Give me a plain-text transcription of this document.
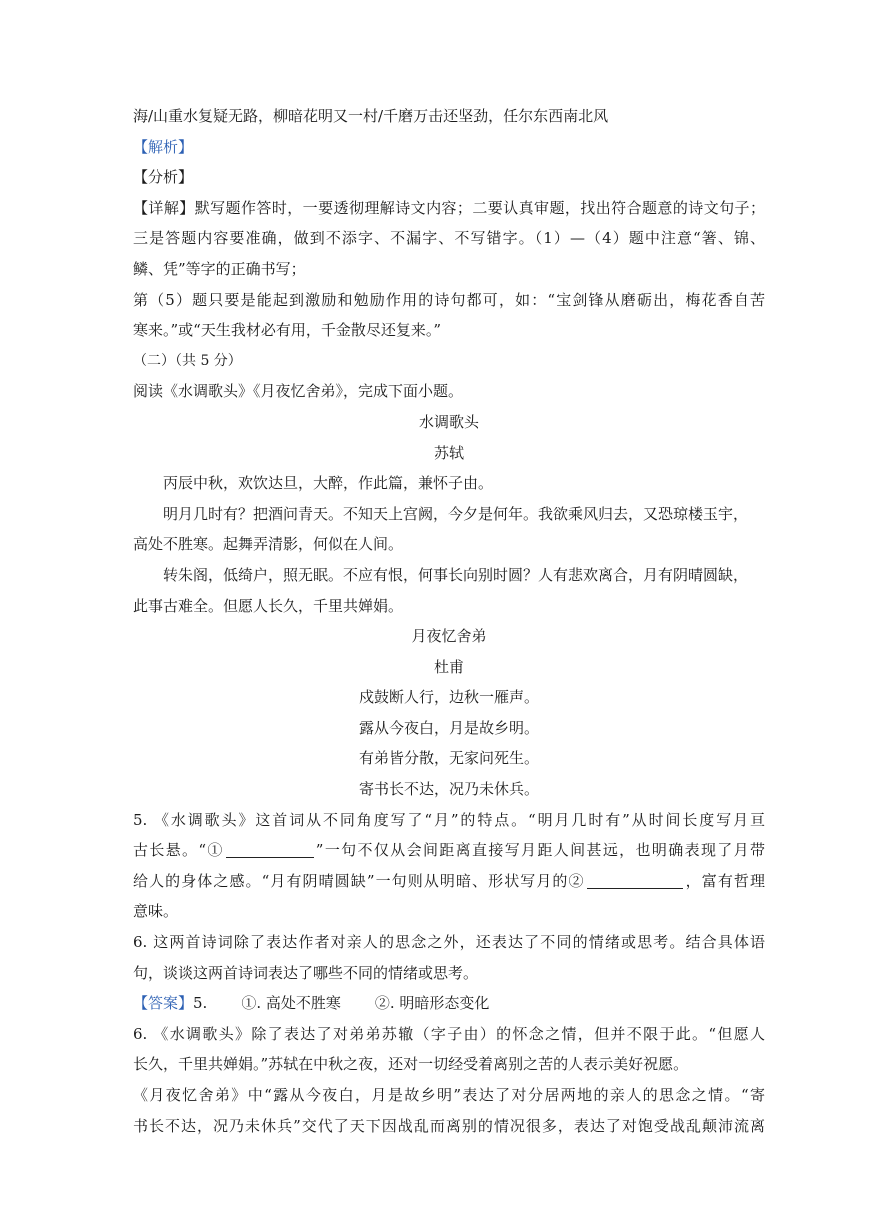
海/山重水复疑无路，柳暗花明又一村/千磨万击还坚劲，任尔东西南北风

【解析】

【分析】

【详解】默写题作答时，一要透彻理解诗文内容；二要认真审题，找出符合题意的诗文句子；

三是答题内容要准确，做到不添字、不漏字、不写错字。（1）—（4）题中注意“箸、锦、

鳞、凭”等字的正确书写；

第（5）题只要是能起到激励和勉励作用的诗句都可，如：“宝剑锋从磨砺出，梅花香自苦

寒来。”或“天生我材必有用，千金散尽还复来。”

（二）（共 5 分）

阅读《水调歌头》《月夜忆舍弟》，完成下面小题。

水调歌头

苏轼

丙辰中秋，欢饮达旦，大醉，作此篇，兼怀子由。

明月几时有？把酒问青天。不知天上宫阙，今夕是何年。我欲乘风归去，又恐琼楼玉宇，

高处不胜寒。起舞弄清影，何似在人间。

转朱阁，低绮户，照无眠。不应有恨，何事长向别时圆？人有悲欢离合，月有阴晴圆缺，

此事古难全。但愿人长久，千里共婵娟。

月夜忆舍弟

杜甫

戍鼓断人行，边秋一雁声。

露从今夜白，月是故乡明。

有弟皆分散，无家问死生。

寄书长不达，况乃未休兵。

5. 《水调歌头》这首词从不同角度写了“月”的特点。“明月几时有”从时间长度写月亘

古长悬。“①	”一句不仅从会间距离直接写月距人间甚远，也明确表现了月带

给人的身体之感。“月有阴晴圆缺”一句则从明暗、形状写月的②	，富有哲理

意味。

6. 这两首诗词除了表达作者对亲人的思念之外，还表达了不同的情绪或思考。结合具体语

句，谈谈这两首诗词表达了哪些不同的情绪或思考。

【答案】5. ①. 高处不胜寒 ②. 明暗形态变化

6. 《水调歌头》除了表达了对弟弟苏辙（字子由）的怀念之情，但并不限于此。“但愿人

长久，千里共婵娟。”苏轼在中秋之夜，还对一切经受着离别之苦的人表示美好祝愿。

《月夜忆舍弟》中“露从今夜白，月是故乡明”表达了对分居两地的亲人的思念之情。“寄

书长不达，况乃未休兵”交代了天下因战乱而离别的情况很多，表达了对饱受战乱颠沛流离
